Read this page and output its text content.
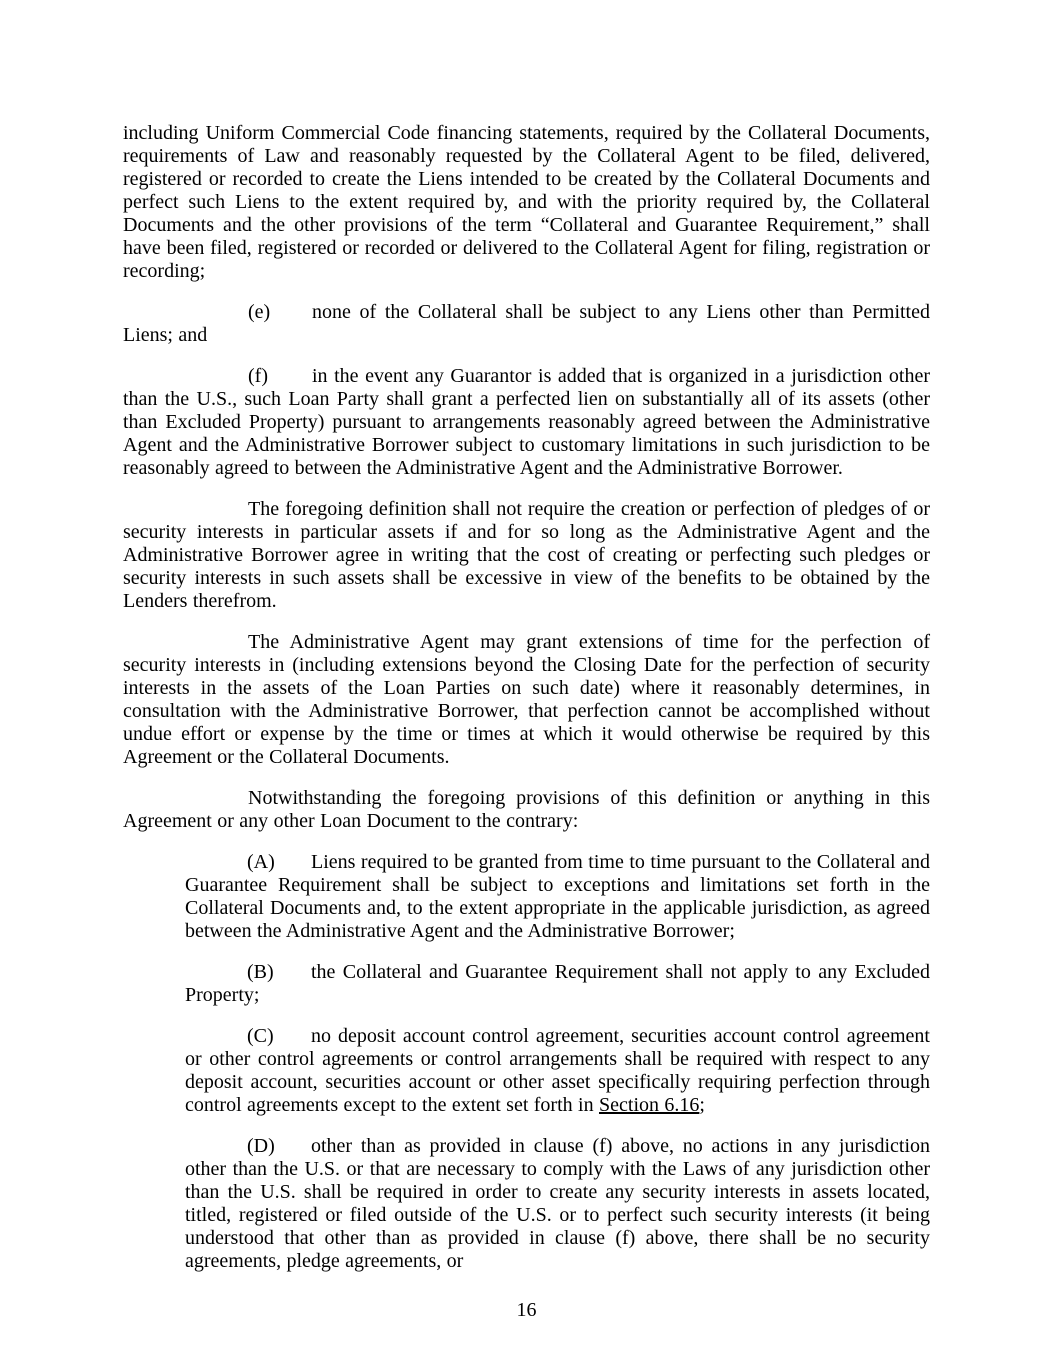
including Uniform Commercial Code financing statements, required by the Collateral Documents, requirements of Law and reasonably requested by the Collateral Agent to be filed, delivered, registered or recorded to create the Liens intended to be created by the Collateral Documents and perfect such Liens to the extent required by, and with the priority required by, the Collateral Documents and the other provisions of the term “Collateral and Guarantee Requirement,” shall have been filed, registered or recorded or delivered to the Collateral Agent for filing, registration or recording;

(e) none of the Collateral shall be subject to any Liens other than Permitted Liens; and

(f) in the event any Guarantor is added that is organized in a jurisdiction other than the U.S., such Loan Party shall grant a perfected lien on substantially all of its assets (other than Excluded Property) pursuant to arrangements reasonably agreed between the Administrative Agent and the Administrative Borrower subject to customary limitations in such jurisdiction to be reasonably agreed to between the Administrative Agent and the Administrative Borrower.

The foregoing definition shall not require the creation or perfection of pledges of or security interests in particular assets if and for so long as the Administrative Agent and the Administrative Borrower agree in writing that the cost of creating or perfecting such pledges or security interests in such assets shall be excessive in view of the benefits to be obtained by the Lenders therefrom.

The Administrative Agent may grant extensions of time for the perfection of security interests in (including extensions beyond the Closing Date for the perfection of security interests in the assets of the Loan Parties on such date) where it reasonably determines, in consultation with the Administrative Borrower, that perfection cannot be accomplished without undue effort or expense by the time or times at which it would otherwise be required by this Agreement or the Collateral Documents.

Notwithstanding the foregoing provisions of this definition or anything in this Agreement or any other Loan Document to the contrary:

(A) Liens required to be granted from time to time pursuant to the Collateral and Guarantee Requirement shall be subject to exceptions and limitations set forth in the Collateral Documents and, to the extent appropriate in the applicable jurisdiction, as agreed between the Administrative Agent and the Administrative Borrower;

(B) the Collateral and Guarantee Requirement shall not apply to any Excluded Property;

(C) no deposit account control agreement, securities account control agreement or other control agreements or control arrangements shall be required with respect to any deposit account, securities account or other asset specifically requiring perfection through control agreements except to the extent set forth in Section 6.16;

(D) other than as provided in clause (f) above, no actions in any jurisdiction other than the U.S. or that are necessary to comply with the Laws of any jurisdiction other than the U.S. shall be required in order to create any security interests in assets located, titled, registered or filed outside of the U.S. or to perfect such security interests (it being understood that other than as provided in clause (f) above, there shall be no security agreements, pledge agreements, or

16
